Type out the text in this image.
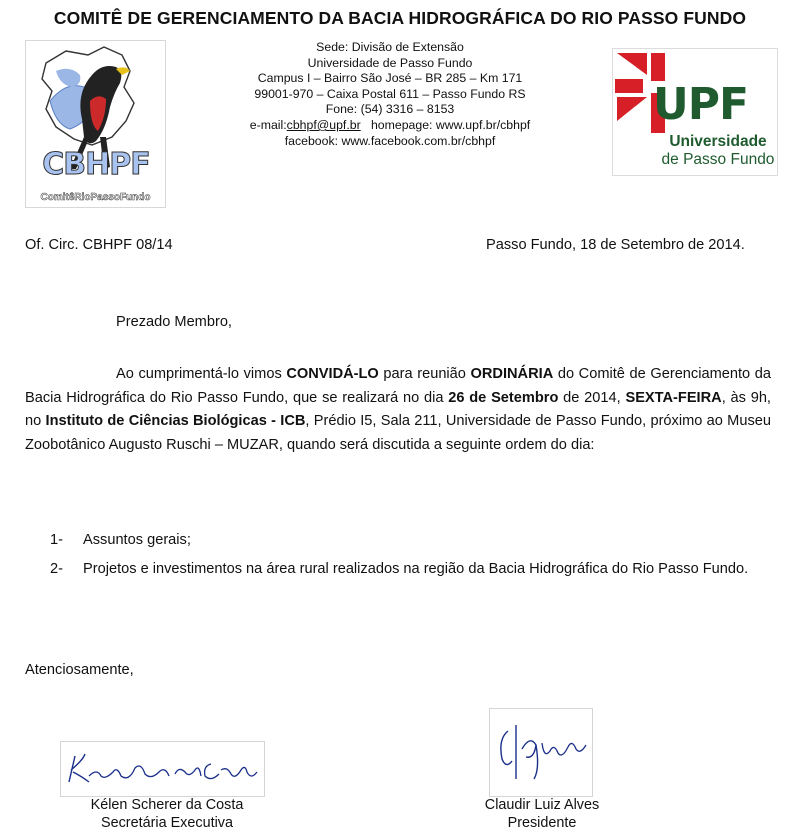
COMITÊ DE GERENCIAMENTO DA BACIA HIDROGRÁFICA DO RIO PASSO FUNDO
CBHPF
ComitêRioPassoFundo
Sede: Divisão de Extensão
Universidade de Passo Fundo
Campus I – Bairro São José – BR 285 – Km 171
99001-970 – Caixa Postal 611 – Passo Fundo RS
Fone: (54) 3316 – 8153
e-mail:cbhpf@upf.br homepage: www.upf.br/cbhpf
facebook: www.facebook.com.br/cbhpf
UPF
Universidade
de Passo Fundo
Of. Circ. CBHPF 08/14	Passo Fundo, 18 de Setembro de 2014.
Prezado Membro,
Ao cumprimentá-lo vimos CONVIDÁ-LO para reunião ORDINÁRIA do Comitê de Gerenciamento da Bacia Hidrográfica do Rio Passo Fundo, que se realizará no dia 26 de Setembro de 2014, SEXTA-FEIRA, às 9h, no Instituto de Ciências Biológicas - ICB, Prédio I5, Sala 211, Universidade de Passo Fundo, próximo ao Museu Zoobotânico Augusto Ruschi – MUZAR, quando será discutida a seguinte ordem do dia:
1- Assuntos gerais;
2- Projetos e investimentos na área rural realizados na região da Bacia Hidrográfica do Rio Passo Fundo.
Atenciosamente,
Kélen Scherer da Costa
Secretária Executiva
Claudir Luiz Alves
Presidente
